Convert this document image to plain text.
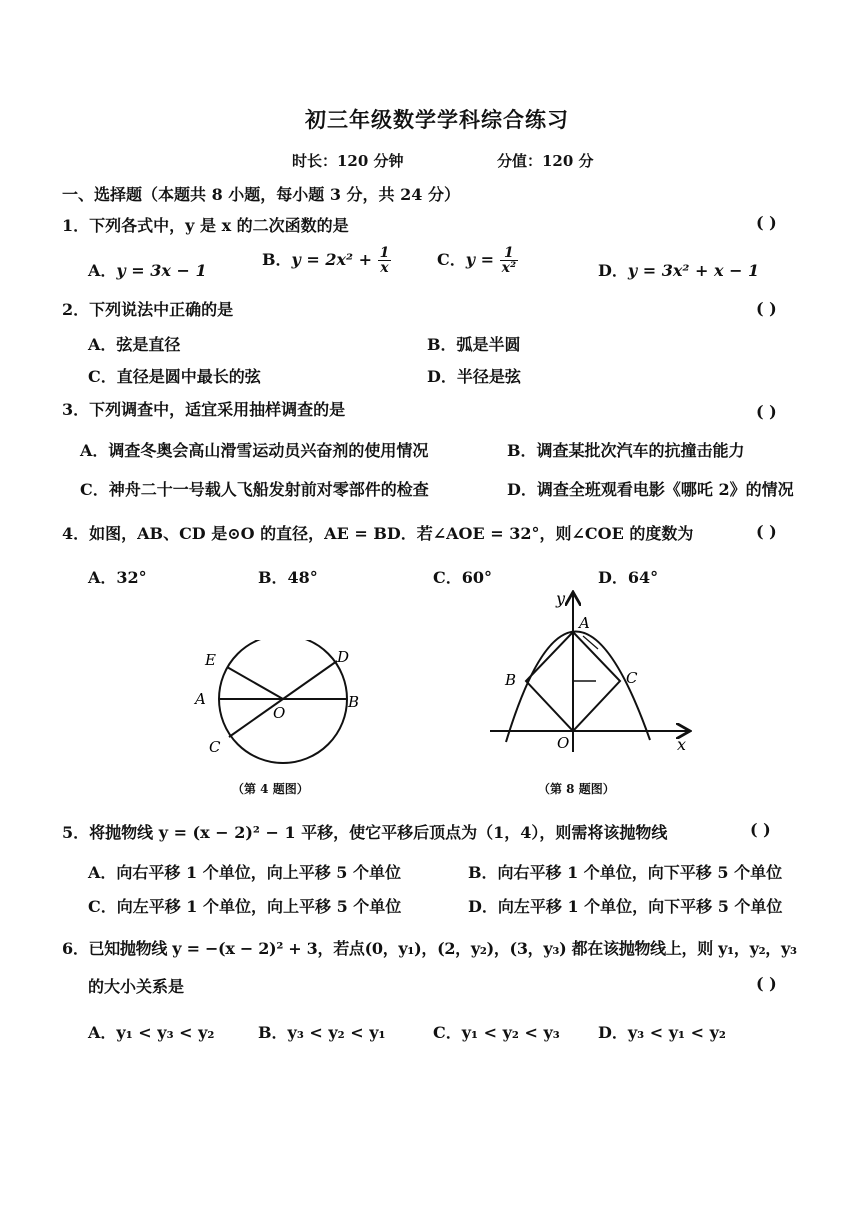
初三年级数学学科综合练习
时长：120 分钟	分值：120 分
一、选择题（本题共 8 小题，每小题 3 分，共 24 分）
1．下列各式中，y 是 x 的二次函数的是	( )
A．y = 3x − 1
B．$y = 2x^2 + \frac{1}{x}$	C．$y = \frac{1}{\text{x²}}$	D．y = 3x² + x − 1
2．下列说法中正确的是	( )
A．弦是直径	B．弧是半圆
C．直径是圆中最长的弦	D．半径是弦
3．下列调查中，适宜采用抽样调查的是	( )
A．调查冬奥会高山滑雪运动员兴奋剂的使用情况	B．调查某批次汽车的抗撞击能力
C．神舟二十一号载人飞船发射前对零部件的检查	D．调查全班观看电影《哪吒 2》的情况
4．如图，AB、CD 是⊙O 的直径，AE = BD．若∠AOE = 32°，则∠COE 的度数为	( )
A．32°	B．48°	C．60°	D．64°
E	D
A
O
B
C
（第 4 题图）
y
A
B	C
O	x
（第 8 题图）
5．将抛物线 y = (x − 2)² − 1 平移，使它平移后顶点为（1，4），则需将该抛物线	( )
A．向右平移 1 个单位，向上平移 5 个单位	B．向右平移 1 个单位，向下平移 5 个单位
C．向左平移 1 个单位，向上平移 5 个单位	D．向左平移 1 个单位，向下平移 5 个单位
6．已知抛物线 y = −(x − 2)² + 3，若点(0，y₁)，(2，y₂)，(3，y₃) 都在该抛物线上，则 y₁，y₂，y₃
的大小关系是	( )
A．y₁ < y₃ < y₂	B．y₃ < y₂ < y₁	C．y₁ < y₂ < y₃ D．y₃ < y₁ < y₂
